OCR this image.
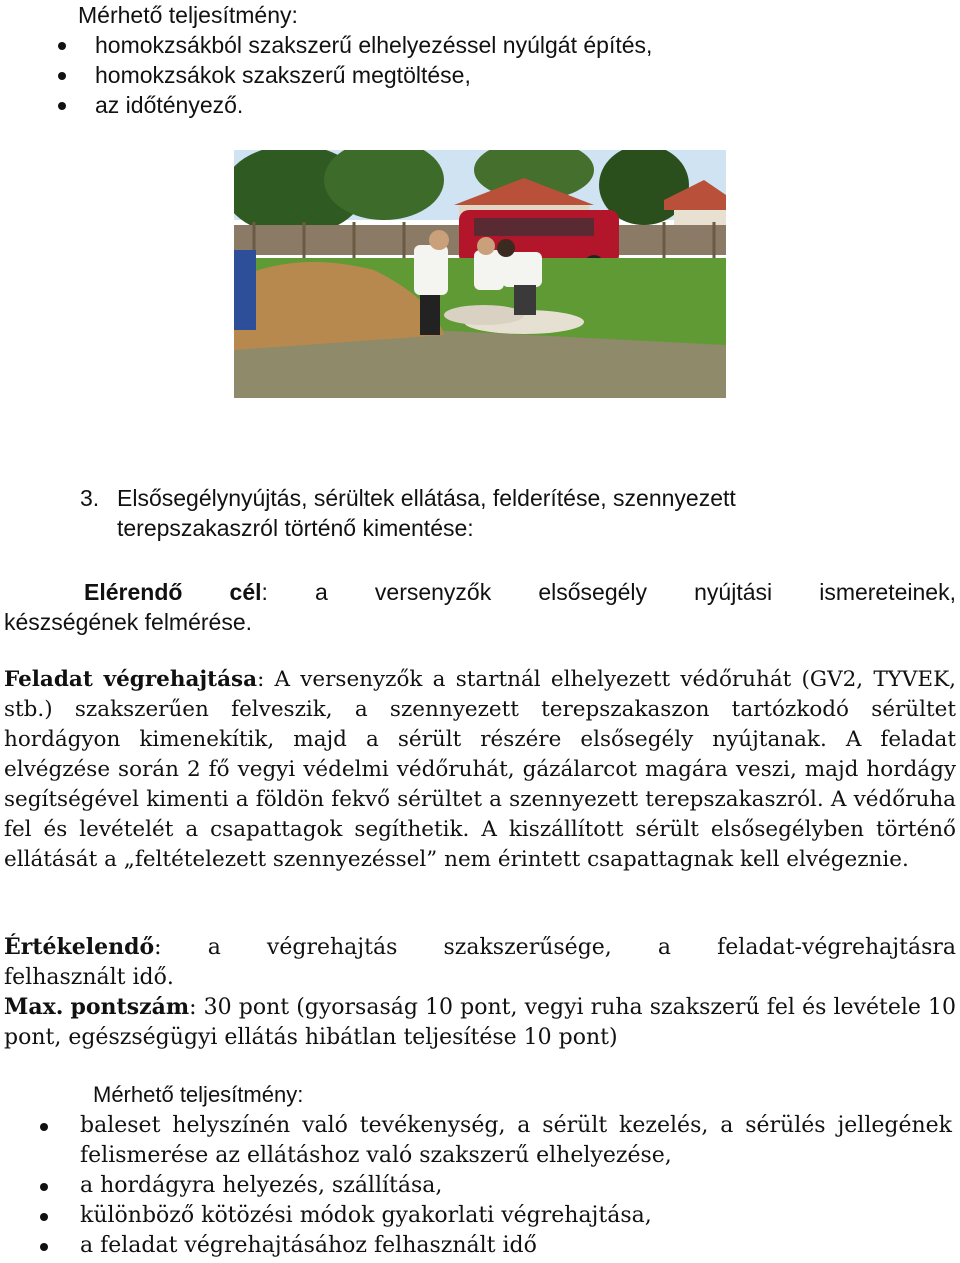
Mérhető teljesítmény:
homokzsákból szakszerű elhelyezéssel nyúlgát építés,
homokzsákok szakszerű megtöltése,
az időtényező.
3. Elsősegélynyújtás, sérültek ellátása, felderítése, szennyezett
terepszakaszról történő kimentése:
Elérendő cél: a versenyzők elsősegély nyújtási ismereteinek,
készségének felmérése.

Feladat végrehajtása: A versenyzők a startnál elhelyezett védőruhát (GV2, TYVEK, stb.) szakszerűen felveszik, a szennyezett terepszakaszon tartózkodó sérültet hordágyon kimenekítik, majd a sérült részére elsősegély nyújtanak. A feladat elvégzése során 2 fő vegyi védelmi védőruhát, gázálarcot magára veszi, majd hordágy segítségével kimenti a földön fekvő sérültet a szennyezett terepszakaszról. A védőruha fel és levételét a csapattagok segíthetik. A kiszállított sérült elsősegélyben történő ellátását a „feltételezett szennyezéssel” nem érintett csapattagnak kell elvégeznie.

Értékelendő: a végrehajtás szakszerűsége, a feladat-végrehajtásra
felhasznált idő.

Max. pontszám: 30 pont (gyorsaság 10 pont, vegyi ruha szakszerű fel és levétele 10 pont, egészségügyi ellátás hibátlan teljesítése 10 pont)

Mérhető teljesítmény:
baleset helyszínén való tevékenység, a sérült kezelés, a sérülés jellegének felismerése az ellátáshoz való szakszerű elhelyezése,
a hordágyra helyezés, szállítása,
különböző kötözési módok gyakorlati végrehajtása,
a feladat végrehajtásához felhasznált idő
